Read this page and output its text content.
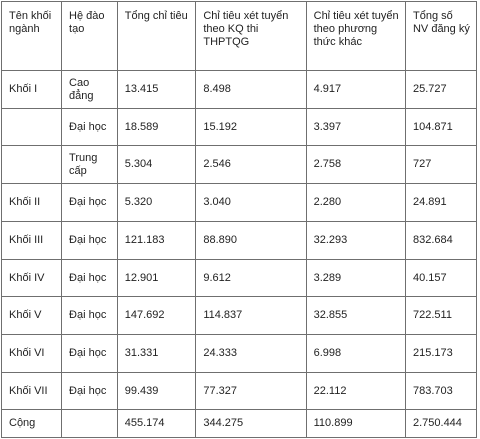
Tên khối ngành	Hệ đào tạo	Tổng chỉ tiêu	Chỉ tiêu xét tuyển theo KQ thi THPTQG	Chỉ tiêu xét tuyển theo phương thức khác	Tổng số NV đăng ký
Khối I	Cao đẳng	13.415	8.498	4.917	25.727
	Đại học	18.589	15.192	3.397	104.871
	Trung cấp	5.304	2.546	2.758	727
Khối II	Đại học	5.320	3.040	2.280	24.891
Khối III	Đại học	121.183	88.890	32.293	832.684
Khối IV	Đại học	12.901	9.612	3.289	40.157
Khối V	Đại học	147.692	114.837	32.855	722.511
Khối VI	Đại học	31.331	24.333	6.998	215.173
Khối VII	Đại học	99.439	77.327	22.112	783.703
Cộng		455.174	344.275	110.899	2.750.444
